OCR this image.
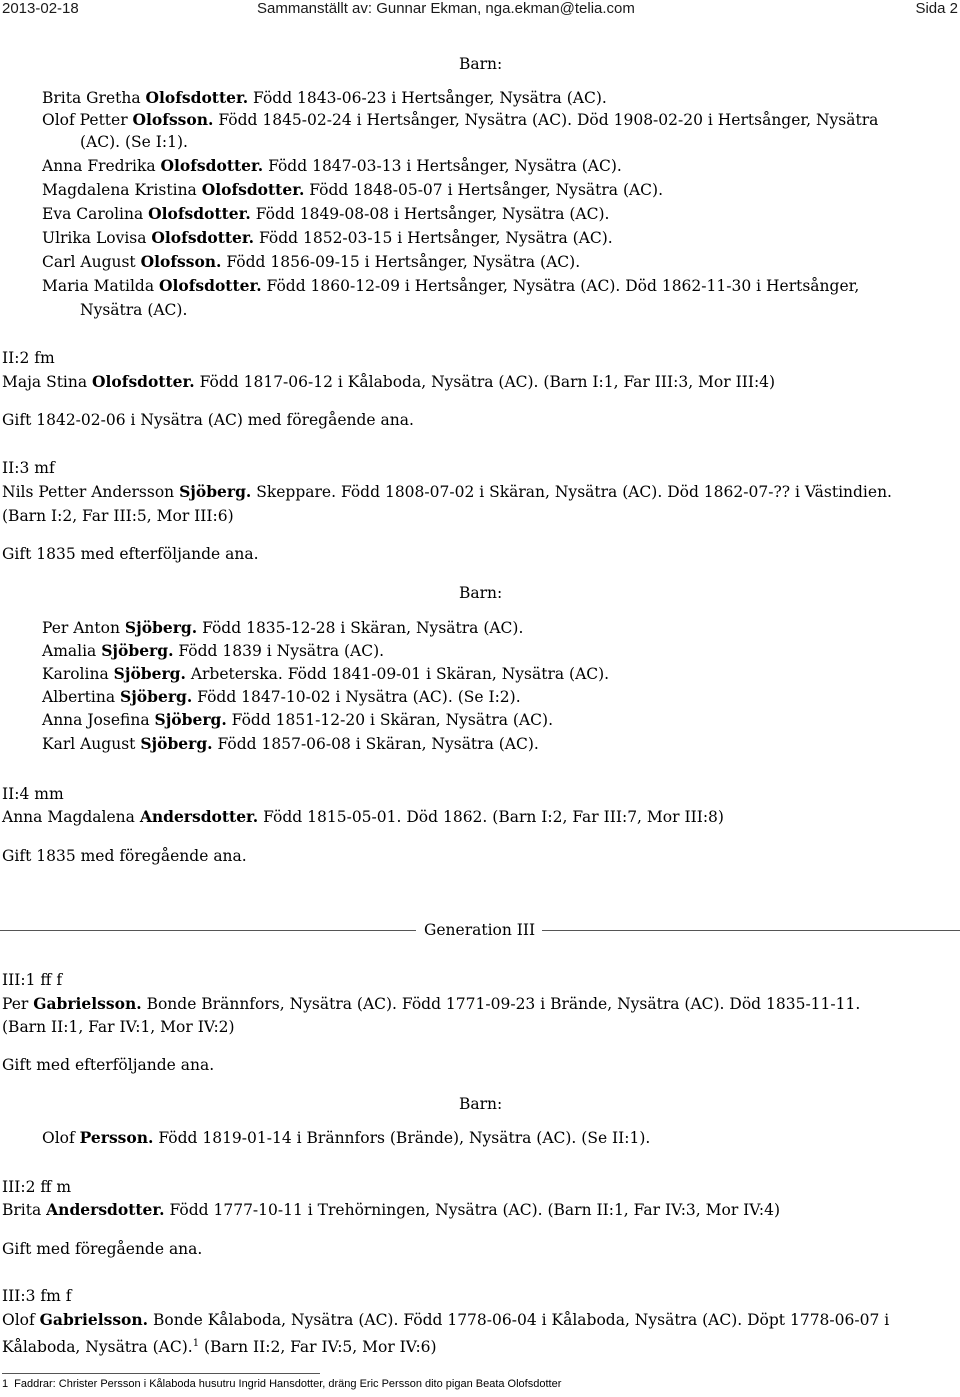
2013-02-18	Sammanställt av: Gunnar Ekman, nga.ekman@telia.com	Sida 2
Barn:
Brita Gretha Olofsdotter. Född 1843-06-23 i Hertsånger, Nysätra (AC).
Olof Petter Olofsson. Född 1845-02-24 i Hertsånger, Nysätra (AC). Död 1908-02-20 i Hertsånger, Nysätra
(AC). (Se I:1).
Anna Fredrika Olofsdotter. Född 1847-03-13 i Hertsånger, Nysätra (AC).
Magdalena Kristina Olofsdotter. Född 1848-05-07 i Hertsånger, Nysätra (AC).
Eva Carolina Olofsdotter. Född 1849-08-08 i Hertsånger, Nysätra (AC).
Ulrika Lovisa Olofsdotter. Född 1852-03-15 i Hertsånger, Nysätra (AC).
Carl August Olofsson. Född 1856-09-15 i Hertsånger, Nysätra (AC).
Maria Matilda Olofsdotter. Född 1860-12-09 i Hertsånger, Nysätra (AC). Död 1862-11-30 i Hertsånger,
Nysätra (AC).
II:2 fm
Maja Stina Olofsdotter. Född 1817-06-12 i Kålaboda, Nysätra (AC). (Barn I:1, Far III:3, Mor III:4)
Gift 1842-02-06 i Nysätra (AC) med föregående ana.
II:3 mf
Nils Petter Andersson Sjöberg. Skeppare. Född 1808-07-02 i Skäran, Nysätra (AC). Död 1862-07-?? i Västindien.
(Barn I:2, Far III:5, Mor III:6)
Gift 1835 med efterföljande ana.
Barn:
Per Anton Sjöberg. Född 1835-12-28 i Skäran, Nysätra (AC).
Amalia Sjöberg. Född 1839 i Nysätra (AC).
Karolina Sjöberg. Arbeterska. Född 1841-09-01 i Skäran, Nysätra (AC).
Albertina Sjöberg. Född 1847-10-02 i Nysätra (AC). (Se I:2).
Anna Josefina Sjöberg. Född 1851-12-20 i Skäran, Nysätra (AC).
Karl August Sjöberg. Född 1857-06-08 i Skäran, Nysätra (AC).
II:4 mm
Anna Magdalena Andersdotter. Född 1815-05-01. Död 1862. (Barn I:2, Far III:7, Mor III:8)
Gift 1835 med föregående ana.
Generation III
III:1 ff f
Per Gabrielsson. Bonde Brännfors, Nysätra (AC). Född 1771-09-23 i Brände, Nysätra (AC). Död 1835-11-11.
(Barn II:1, Far IV:1, Mor IV:2)
Gift med efterföljande ana.
Barn:
Olof Persson. Född 1819-01-14 i Brännfors (Brände), Nysätra (AC). (Se II:1).
III:2 ff m
Brita Andersdotter. Född 1777-10-11 i Trehörningen, Nysätra (AC). (Barn II:1, Far IV:3, Mor IV:4)
Gift med föregående ana.
III:3 fm f
Olof Gabrielsson. Bonde Kålaboda, Nysätra (AC). Född 1778-06-04 i Kålaboda, Nysätra (AC). Döpt 1778-06-07 i
Kålaboda, Nysätra (AC).$^1$ (Barn II:2, Far IV:5, Mor IV:6)
1 Faddrar: Christer Persson i Kålaboda husutru Ingrid Hansdotter, dräng Eric Persson dito pigan Beata Olofsdotter
